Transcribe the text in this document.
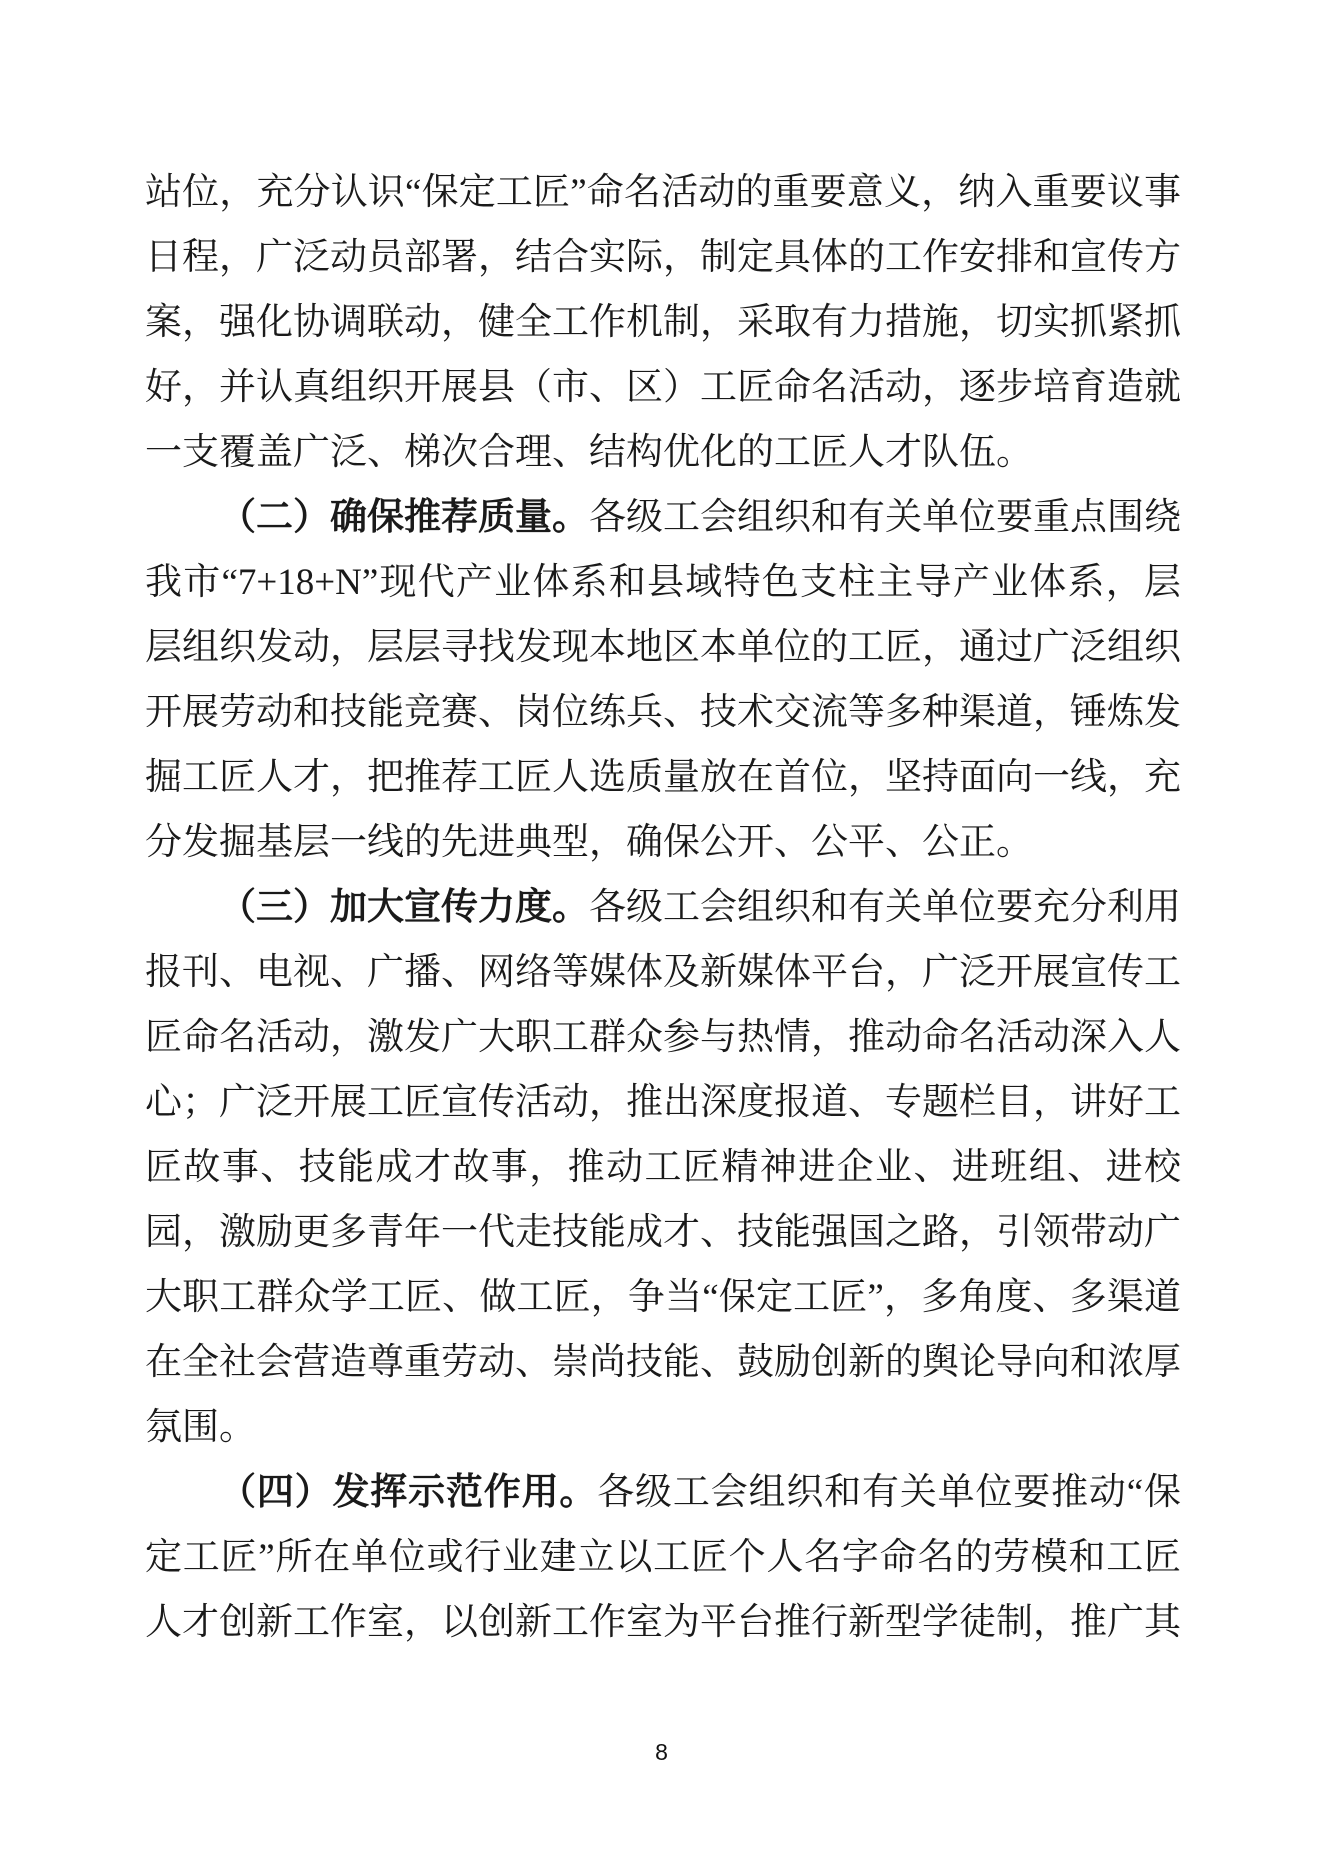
站位，充分认识“保定工匠”命名活动的重要意义，纳入重要议事日程，广泛动员部署，结合实际，制定具体的工作安排和宣传方案，强化协调联动，健全工作机制，采取有力措施，切实抓紧抓好，并认真组织开展县（市、区）工匠命名活动，逐步培育造就一支覆盖广泛、梯次合理、结构优化的工匠人才队伍。

（二）确保推荐质量。各级工会组织和有关单位要重点围绕我市“7+18+N”现代产业体系和县域特色支柱主导产业体系，层层组织发动，层层寻找发现本地区本单位的工匠，通过广泛组织开展劳动和技能竞赛、岗位练兵、技术交流等多种渠道，锤炼发掘工匠人才，把推荐工匠人选质量放在首位，坚持面向一线，充分发掘基层一线的先进典型，确保公开、公平、公正。

（三）加大宣传力度。各级工会组织和有关单位要充分利用报刊、电视、广播、网络等媒体及新媒体平台，广泛开展宣传工匠命名活动，激发广大职工群众参与热情，推动命名活动深入人心；广泛开展工匠宣传活动，推出深度报道、专题栏目，讲好工匠故事、技能成才故事，推动工匠精神进企业、进班组、进校园，激励更多青年一代走技能成才、技能强国之路，引领带动广大职工群众学工匠、做工匠，争当“保定工匠”，多角度、多渠道在全社会营造尊重劳动、崇尚技能、鼓励创新的舆论导向和浓厚氛围。

（四）发挥示范作用。各级工会组织和有关单位要推动“保定工匠”所在单位或行业建立以工匠个人名字命名的劳模和工匠人才创新工作室，以创新工作室为平台推行新型学徒制，推广其

8
